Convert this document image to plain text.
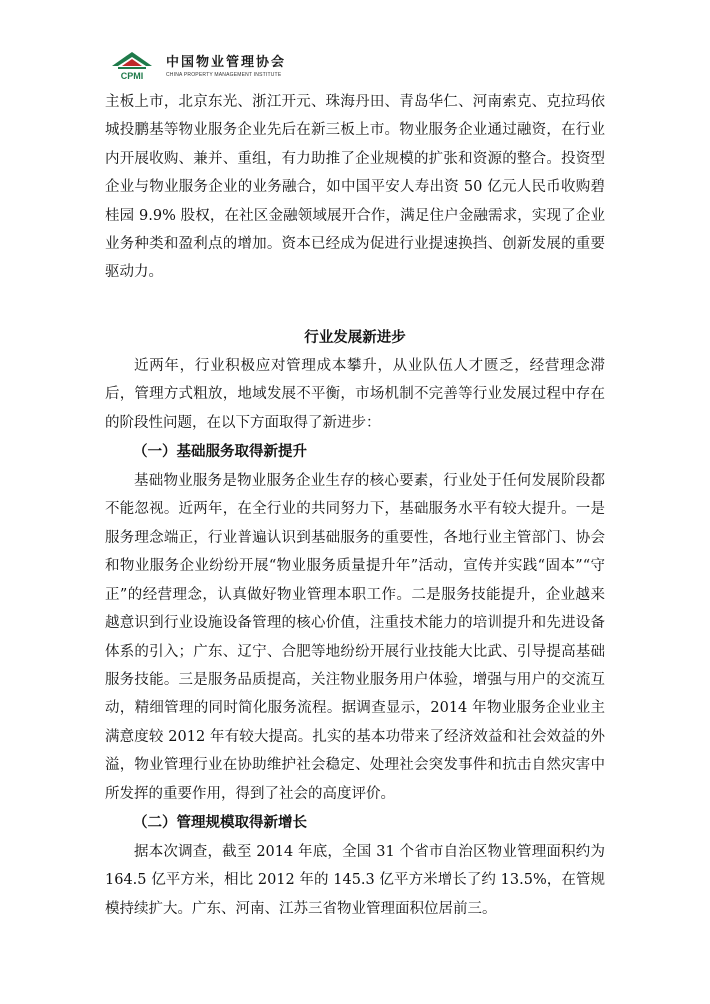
CPMI
中国物业管理协会
CHINA PROPERTY MANAGEMENT INSTITUTE

主板上市，北京东光、浙江开元、珠海丹田、青岛华仁、河南索克、克拉玛依城投鹏基等物业服务企业先后在新三板上市。物业服务企业通过融资，在行业内开展收购、兼并、重组，有力助推了企业规模的扩张和资源的整合。投资型企业与物业服务企业的业务融合，如中国平安人寿出资 50 亿元人民币收购碧桂园 9.9% 股权，在社区金融领域展开合作，满足住户金融需求，实现了企业业务种类和盈利点的增加。资本已经成为促进行业提速换挡、创新发展的重要驱动力。

行业发展新进步

近两年，行业积极应对管理成本攀升，从业队伍人才匮乏，经营理念滞后，管理方式粗放，地域发展不平衡，市场机制不完善等行业发展过程中存在的阶段性问题，在以下方面取得了新进步：

（一）基础服务取得新提升

基础物业服务是物业服务企业生存的核心要素，行业处于任何发展阶段都不能忽视。近两年，在全行业的共同努力下，基础服务水平有较大提升。一是服务理念端正，行业普遍认识到基础服务的重要性，各地行业主管部门、协会和物业服务企业纷纷开展“物业服务质量提升年”活动，宣传并实践“固本”“守正”的经营理念，认真做好物业管理本职工作。二是服务技能提升，企业越来越意识到行业设施设备管理的核心价值，注重技术能力的培训提升和先进设备体系的引入；广东、辽宁、合肥等地纷纷开展行业技能大比武、引导提高基础服务技能。三是服务品质提高，关注物业服务用户体验，增强与用户的交流互动，精细管理的同时简化服务流程。据调查显示，2014 年物业服务企业业主满意度较 2012 年有较大提高。扎实的基本功带来了经济效益和社会效益的外溢，物业管理行业在协助维护社会稳定、处理社会突发事件和抗击自然灾害中所发挥的重要作用，得到了社会的高度评价。

（二）管理规模取得新增长

据本次调查，截至 2014 年底，全国 31 个省市自治区物业管理面积约为 164.5 亿平方米，相比 2012 年的 145.3 亿平方米增长了约 13.5%，在管规模持续扩大。广东、河南、江苏三省物业管理面积位居前三。
